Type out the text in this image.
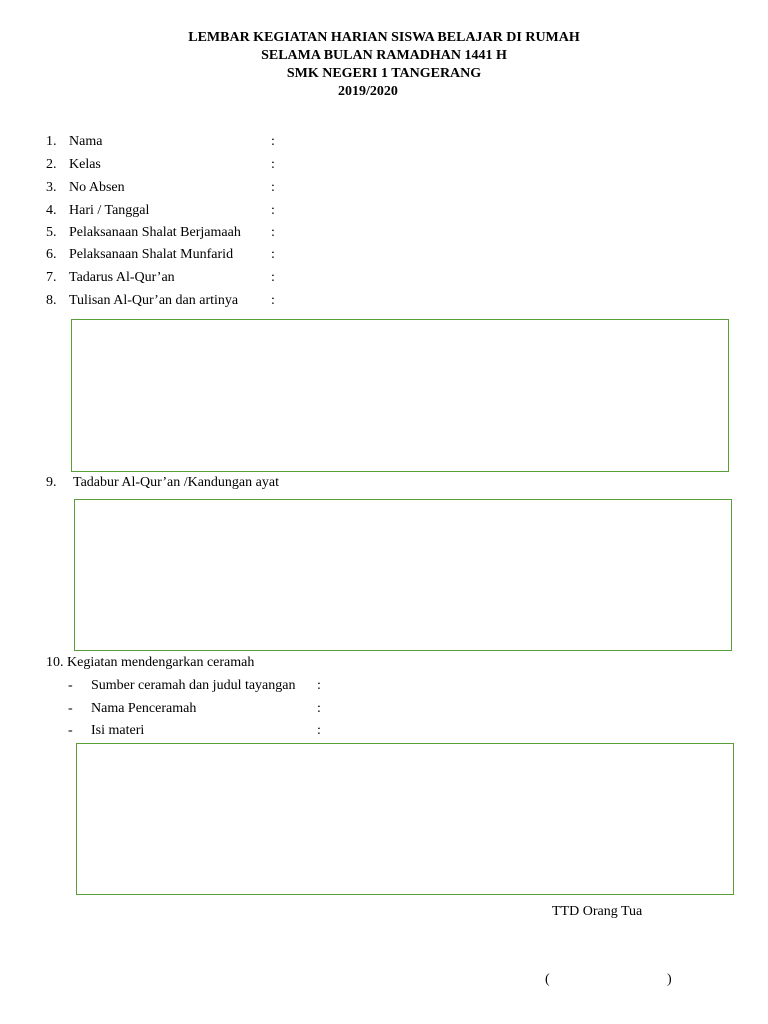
LEMBAR KEGIATAN HARIAN SISWA BELAJAR DI RUMAH
SELAMA BULAN RAMADHAN 1441 H
SMK NEGERI 1 TANGERANG
2019/2020
1. Nama	:
2. Kelas	:
3. No Absen	:
4. Hari / Tanggal	:
5. Pelaksanaan Shalat Berjamaah :
6. Pelaksanaan Shalat Munfarid	:
7. Tadarus Al-Qur’an	:
8. Tulisan Al-Qur’an dan artinya :
9. Tadabur Al-Qur’an /Kandungan ayat
10. Kegiatan mendengarkan ceramah
- Sumber ceramah dan judul tayangan :
- Nama Penceramah	:
- Isi materi	:
TTD Orang Tua
(	)
